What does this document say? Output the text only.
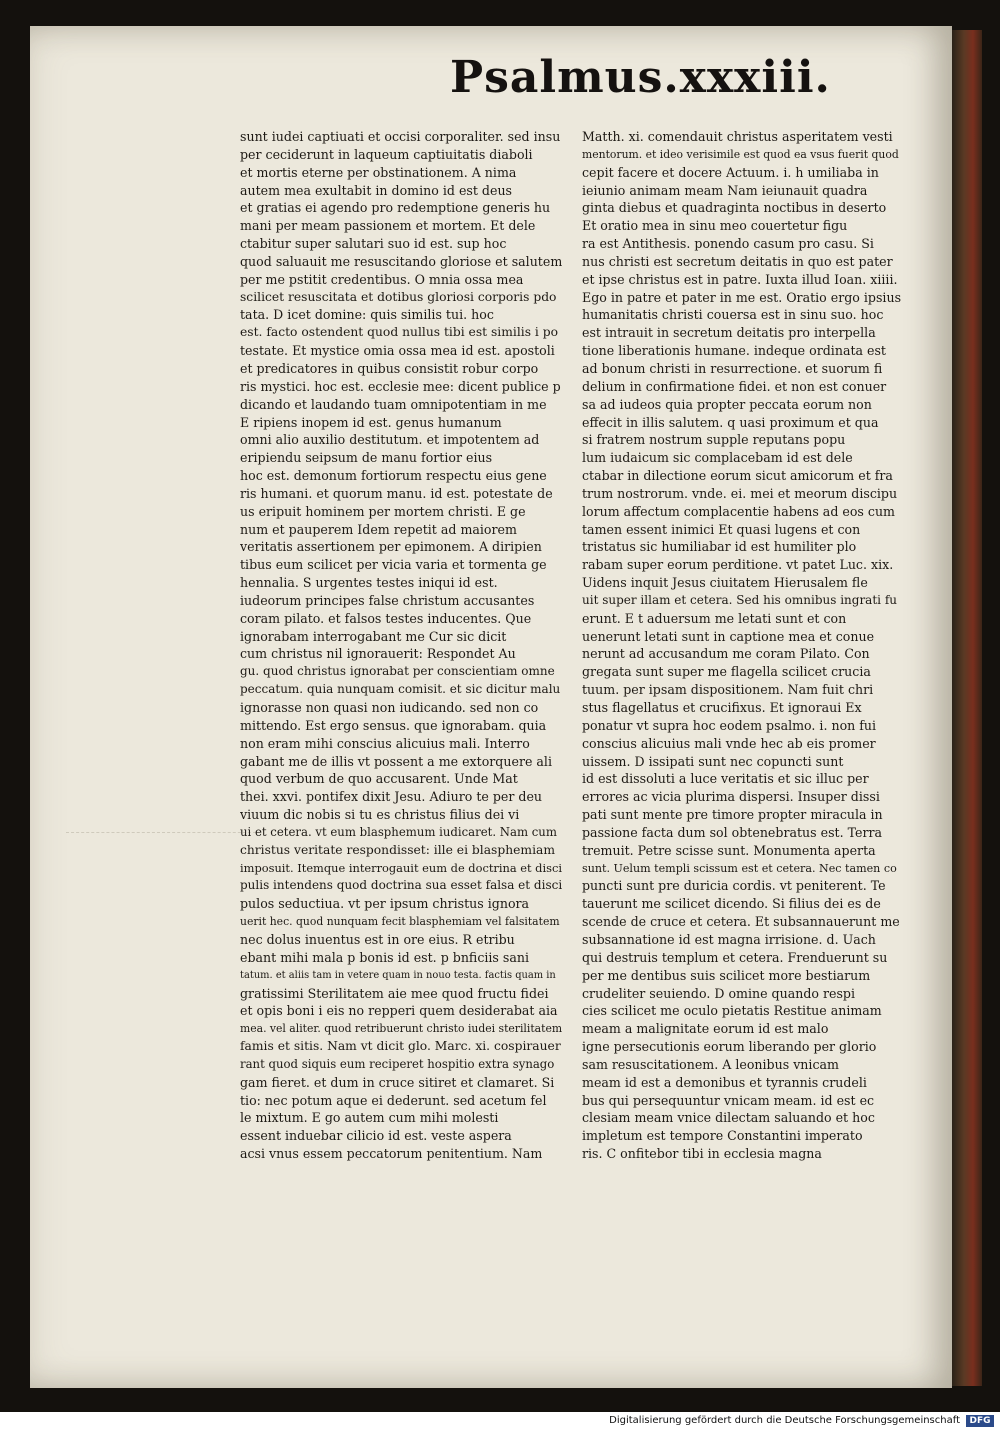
Psalmus.xxxiii.
sunt iudei captiuati et occisi corporaliter. sed insu
per ceciderunt in laqueum captiuitatis diaboli
et mortis eterne per obstinationem. A nima
autem mea exultabit in domino id est deus
et gratias ei agendo pro redemptione generis hu
mani per meam passionem et mortem. Et dele
ctabitur super salutari suo id est. sup hoc
quod saluauit me resuscitando gloriose et salutem
per me pstitit credentibus. O mnia ossa mea
scilicet resuscitata et dotibus gloriosi corporis pdo
tata. D icet domine: quis similis tui. hoc
est. facto ostendent quod nullus tibi est similis i po
testate. Et mystice omia ossa mea id est. apostoli
et predicatores in quibus consistit robur corpo
ris mystici. hoc est. ecclesie mee: dicent publice p
dicando et laudando tuam omnipotentiam in me
E ripiens inopem id est. genus humanum
omni alio auxilio destitutum. et impotentem ad
eripiendu seipsum de manu fortior eius
hoc est. demonum fortiorum respectu eius gene
ris humani. et quorum manu. id est. potestate de
us eripuit hominem per mortem christi. E ge
num et pauperem Idem repetit ad maiorem
veritatis assertionem per epimonem. A diripien
tibus eum scilicet per vicia varia et tormenta ge
hennalia. S urgentes testes iniqui id est.
iudeorum principes false christum accusantes
coram pilato. et falsos testes inducentes. Que
ignorabam interrogabant me Cur sic dicit
cum christus nil ignorauerit: Respondet Au
gu. quod christus ignorabat per conscientiam omne
peccatum. quia nunquam comisit. et sic dicitur malu
ignorasse non quasi non iudicando. sed non co
mittendo. Est ergo sensus. que ignorabam. quia
non eram mihi conscius alicuius mali. Interro
gabant me de illis vt possent a me extorquere ali
quod verbum de quo accusarent. Unde Mat
thei. xxvi. pontifex dixit Jesu. Adiuro te per deu
viuum dic nobis si tu es christus filius dei vi
ui et cetera. vt eum blasphemum iudicaret. Nam cum
christus veritate respondisset: ille ei blasphemiam
imposuit. Itemque interrogauit eum de doctrina et disci
pulis intendens quod doctrina sua esset falsa et disci
pulos seductiua. vt per ipsum christus ignora
uerit hec. quod nunquam fecit blasphemiam vel falsitatem
nec dolus inuentus est in ore eius. R etribu
ebant mihi mala p bonis id est. p bnficiis sani
tatum. et aliis tam in vetere quam in nouo testa. factis quam in
gratissimi Sterilitatem aie mee quod fructu fidei
et opis boni i eis no repperi quem desiderabat aia
mea. vel aliter. quod retribuerunt christo iudei sterilitatem
famis et sitis. Nam vt dicit glo. Marc. xi. cospirauer
rant quod siquis eum reciperet hospitio extra synago
gam fieret. et dum in cruce sitiret et clamaret. Si
tio: nec potum aque ei dederunt. sed acetum fel
le mixtum. E go autem cum mihi molesti
essent induebar cilicio id est. veste aspera
acsi vnus essem peccatorum penitentium. Nam
Matth. xi. comendauit christus asperitatem vesti
mentorum. et ideo verisimile est quod ea vsus fuerit quod
cepit facere et docere Actuum. i. h umiliaba in
ieiunio animam meam Nam ieiunauit quadra
ginta diebus et quadraginta noctibus in deserto
Et oratio mea in sinu meo couertetur figu
ra est Antithesis. ponendo casum pro casu. Si
nus christi est secretum deitatis in quo est pater
et ipse christus est in patre. Iuxta illud Ioan. xiiii.
Ego in patre et pater in me est. Oratio ergo ipsius
humanitatis christi couersa est in sinu suo. hoc
est intrauit in secretum deitatis pro interpella
tione liberationis humane. indeque ordinata est
ad bonum christi in resurrectione. et suorum fi
delium in confirmatione fidei. et non est conuer
sa ad iudeos quia propter peccata eorum non
effecit in illis salutem. q uasi proximum et qua
si fratrem nostrum supple reputans popu
lum iudaicum sic complacebam id est dele
ctabar in dilectione eorum sicut amicorum et fra
trum nostrorum. vnde. ei. mei et meorum discipu
lorum affectum complacentie habens ad eos cum
tamen essent inimici Et quasi lugens et con
tristatus sic humiliabar id est humiliter plo
rabam super eorum perditione. vt patet Luc. xix.
Uidens inquit Jesus ciuitatem Hierusalem fle
uit super illam et cetera. Sed his omnibus ingrati fu
erunt. E t aduersum me letati sunt et con
uenerunt letati sunt in captione mea et conue
nerunt ad accusandum me coram Pilato. Con
gregata sunt super me flagella scilicet crucia
tuum. per ipsam dispositionem. Nam fuit chri
stus flagellatus et crucifixus. Et ignoraui Ex
ponatur vt supra hoc eodem psalmo. i. non fui
conscius alicuius mali vnde hec ab eis promer
uissem. D issipati sunt nec copuncti sunt
id est dissoluti a luce veritatis et sic illuc per
errores ac vicia plurima dispersi. Insuper dissi
pati sunt mente pre timore propter miracula in
passione facta dum sol obtenebratus est. Terra
tremuit. Petre scisse sunt. Monumenta aperta
sunt. Uelum templi scissum est et cetera. Nec tamen co
puncti sunt pre duricia cordis. vt peniterent. Te
tauerunt me scilicet dicendo. Si filius dei es de
scende de cruce et cetera. Et subsannauerunt me
subsannatione id est magna irrisione. d. Uach
qui destruis templum et cetera. Frenduerunt su
per me dentibus suis scilicet more bestiarum
crudeliter seuiendo. D omine quando respi
cies scilicet me oculo pietatis Restitue animam
meam a malignitate eorum id est malo
igne persecutionis eorum liberando per glorio
sam resuscitationem. A leonibus vnicam
meam id est a demonibus et tyrannis crudeli
bus qui persequuntur vnicam meam. id est ec
clesiam meam vnice dilectam saluando et hoc
impletum est tempore Constantini imperato
ris. C onfitebor tibi in ecclesia magna
Digitalisierung gefördert durch die Deutsche Forschungsgemeinschaft	DFG
